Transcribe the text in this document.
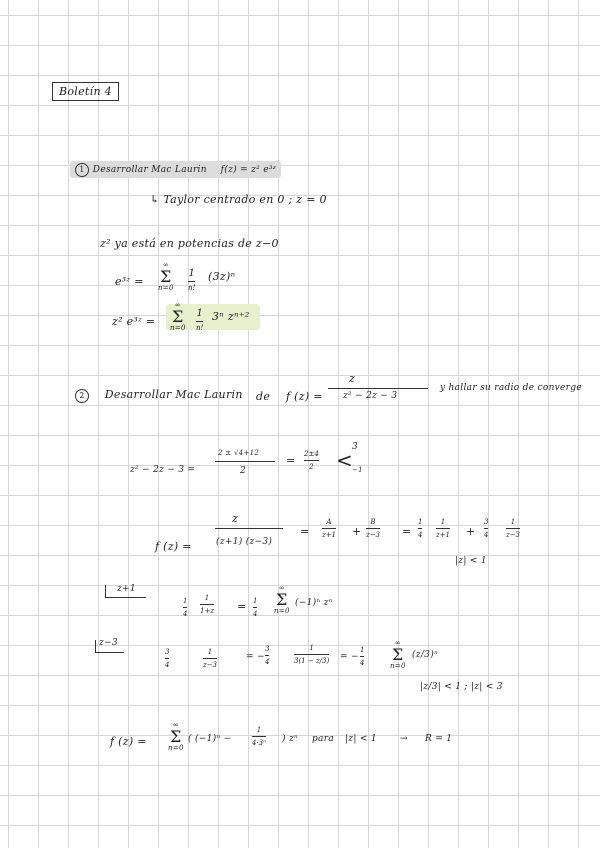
Boletín 4
1 Desarrollar Mac Laurin f(z) = z² e³ᶻ
↳ Taylor centrado en 0 ; z = 0
z² ya está en potencias de z−0
e³ᶻ =
∞
Σ
n=0
1
n!
(3z)ⁿ
z² e³ᶻ =
∞
Σ
n=0
1
n!
3ⁿ zⁿ⁺²
2 Desarrollar Mac Laurin de f (z) =
z
z² − 2z − 3
y hallar su radio de converge
z² − 2z − 3 =
2 ± √4+12
2
= 2±4
2 <
3
−1
f (z) =
z
(z+1) (z−3)
=
A
z+1 +
B
z−3 =
1
4
1
z+1 +
3
4
1
z−3
|z| < 1
z+1
1
4
1
1+z = 1
4
∞
Σ
n=0
(−1)ⁿ zⁿ
z−3
3
4
1
z−3
= −
3
4
1
3(1 − z/3) = −
1
4
∞
Σ
n=0
(z/3)ⁿ
|z/3| < 1 ; |z| < 3
f (z) =
∞
Σ
n=0
( (−1)ⁿ −
1
4·3ⁿ ) zⁿ para |z| < 1	→ R = 1
